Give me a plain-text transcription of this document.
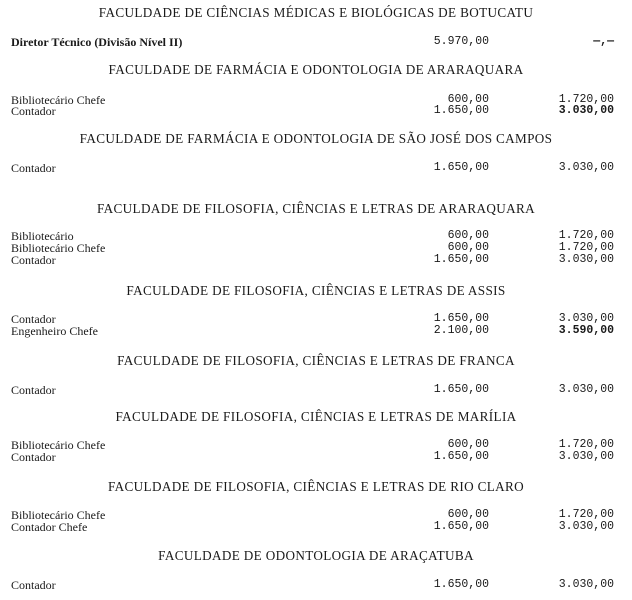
FACULDADE DE CIÊNCIAS MÉDICAS E BIOLÓGICAS DE BOTUCATU
Diretor Técnico (Divisão Nível II)	5.970,00	—,—
FACULDADE DE FARMÁCIA E ODONTOLOGIA DE ARARAQUARA
Bibliotecário Chefe	600,00	1.720,00
Contador	1.650,00	3.030,00
FACULDADE DE FARMÁCIA E ODONTOLOGIA DE SÃO JOSÉ DOS CAMPOS
Contador	1.650,00	3.030,00
FACULDADE DE FILOSOFIA, CIÊNCIAS E LETRAS DE ARARAQUARA
Bibliotecário	600,00	1.720,00
Bibliotecário Chefe	600,00	1.720,00
Contador	1.650,00	3.030,00
FACULDADE DE FILOSOFIA, CIÊNCIAS E LETRAS DE ASSIS
Contador	1.650,00	3.030,00
Engenheiro Chefe	2.100,00	3.590,00
FACULDADE DE FILOSOFIA, CIÊNCIAS E LETRAS DE FRANCA
Contador	1.650,00	3.030,00
FACULDADE DE FILOSOFIA, CIÊNCIAS E LETRAS DE MARÍLIA
Bibliotecário Chefe	600,00	1.720,00
Contador	1.650,00	3.030,00
FACULDADE DE FILOSOFIA, CIÊNCIAS E LETRAS DE RIO CLARO
Bibliotecário Chefe	600,00	1.720,00
Contador Chefe	1.650,00	3.030,00
FACULDADE DE ODONTOLOGIA DE ARAÇATUBA
Contador	1.650,00	3.030,00
